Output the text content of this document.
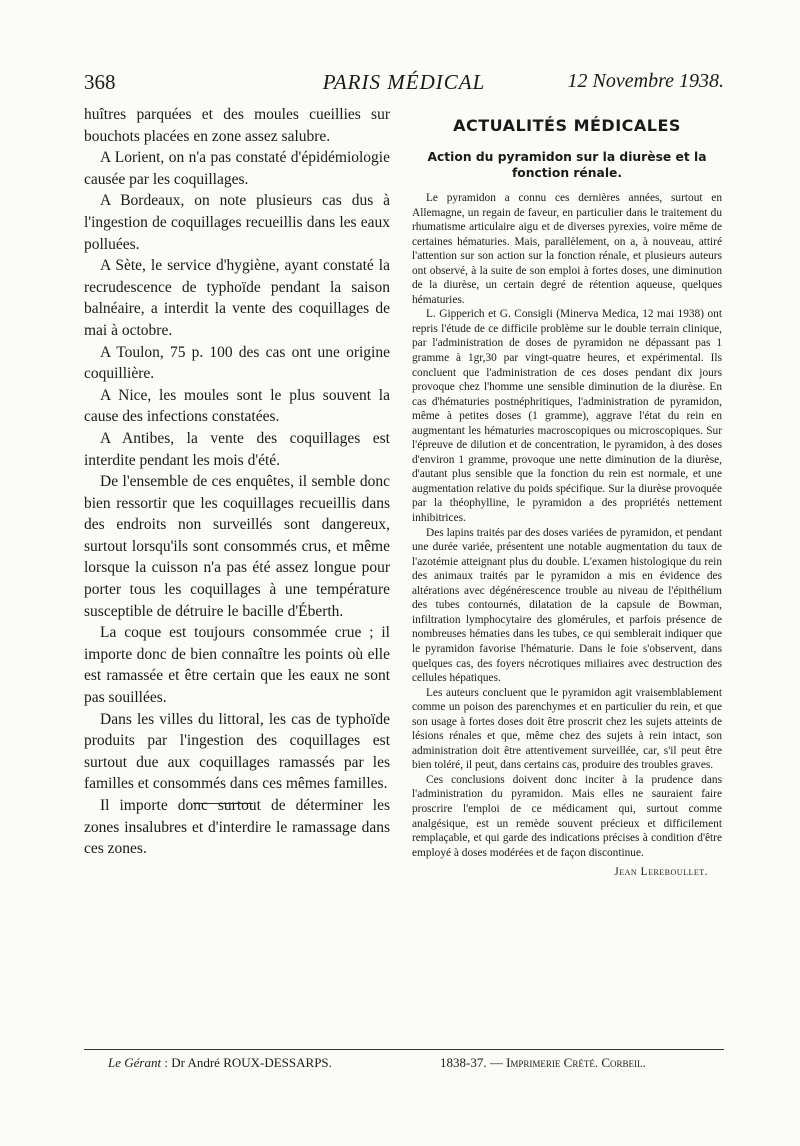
368	PARIS MÉDICAL	12 Novembre 1938.

huîtres parquées et des moules cueillies sur bouchots placées en zone assez salubre.

A Lorient, on n'a pas constaté d'épidémiologie causée par les coquillages.

A Bordeaux, on note plusieurs cas dus à l'ingestion de coquillages recueillis dans les eaux polluées.

A Sète, le service d'hygiène, ayant constaté la recrudescence de typhoïde pendant la saison balnéaire, a interdit la vente des coquillages de mai à octobre.

A Toulon, 75 p. 100 des cas ont une origine coquillière.

A Nice, les moules sont le plus souvent la cause des infections constatées.

A Antibes, la vente des coquillages est interdite pendant les mois d'été.

De l'ensemble de ces enquêtes, il semble donc bien ressortir que les coquillages recueillis dans des endroits non surveillés sont dangereux, surtout lorsqu'ils sont consommés crus, et même lorsque la cuisson n'a pas été assez longue pour porter tous les coquillages à une température susceptible de détruire le bacille d'Éberth.

La coque est toujours consommée crue ; il importe donc de bien connaître les points où elle est ramassée et être certain que les eaux ne sont pas souillées.

Dans les villes du littoral, les cas de typhoïde produits par l'ingestion des coquillages est surtout due aux coquillages ramassés par les familles et consommés dans ces mêmes familles.

Il importe donc surtout de déterminer les zones insalubres et d'interdire le ramassage dans ces zones.

ACTUALITÉS MÉDICALES
Action du pyramidon sur la diurèse et la fonction rénale.

Le pyramidon a connu ces dernières années, surtout en Allemagne, un regain de faveur, en particulier dans le traitement du rhumatisme articulaire aigu et de diverses pyrexies, voire même de certaines hématuries. Mais, parallèlement, on a, à nouveau, attiré l'attention sur son action sur la fonction rénale, et plusieurs auteurs ont observé, à la suite de son emploi à fortes doses, une diminution de la diurèse, un certain degré de rétention aqueuse, quelques hématuries.

L. Gipperich et G. Consigli (Minerva Medica, 12 mai 1938) ont repris l'étude de ce difficile problème sur le double terrain clinique, par l'administration de doses de pyramidon ne dépassant pas 1 gramme à 1gr,30 par vingt-quatre heures, et expérimental. Ils concluent que l'administration de ces doses pendant dix jours provoque chez l'homme une sensible diminution de la diurèse. En cas d'hématuries postnéphritiques, l'administration de pyramidon, même à petites doses (1 gramme), aggrave l'état du rein en augmentant les hématuries macroscopiques ou microscopiques. Sur l'épreuve de dilution et de concentration, le pyramidon, à des doses d'environ 1 gramme, provoque une nette diminution de la diurèse, d'autant plus sensible que la fonction du rein est normale, et une augmentation relative du poids spécifique. Sur la diurèse provoquée par la théophylline, le pyramidon a des propriétés nettement inhibitrices.

Des lapins traités par des doses variées de pyramidon, et pendant une durée variée, présentent une notable augmentation du taux de l'azotémie atteignant plus du double. L'examen histologique du rein des animaux traités par le pyramidon a mis en évidence des altérations avec dégénérescence trouble au niveau de l'épithélium des tubes contournés, dilatation de la capsule de Bowman, infiltration lymphocytaire des glomérules, et parfois présence de nombreuses hématies dans les tubes, ce qui semblerait indiquer que le pyramidon favorise l'hématurie. Dans le foie s'observent, dans quelques cas, des foyers nécrotiques miliaires avec destruction des cellules hépatiques.

Les auteurs concluent que le pyramidon agit vraisemblablement comme un poison des parenchymes et en particulier du rein, et que son usage à fortes doses doit être proscrit chez les sujets atteints de lésions rénales et que, même chez des sujets à rein intact, son administration doit être attentivement surveillée, car, s'il peut être bien toléré, il peut, dans certains cas, produire des troubles graves.

Ces conclusions doivent donc inciter à la prudence dans l'administration du pyramidon. Mais elles ne sauraient faire proscrire l'emploi de ce médicament qui, surtout comme analgésique, est un remède souvent précieux et difficilement remplaçable, et qui garde des indications précises à condition d'être employé à doses modérées et de façon discontinue.

Jean Lereboullet.
Le Gérant : Dr André ROUX-DESSARPS.	1838-37. — Imprimerie Crété. Corbeil.
